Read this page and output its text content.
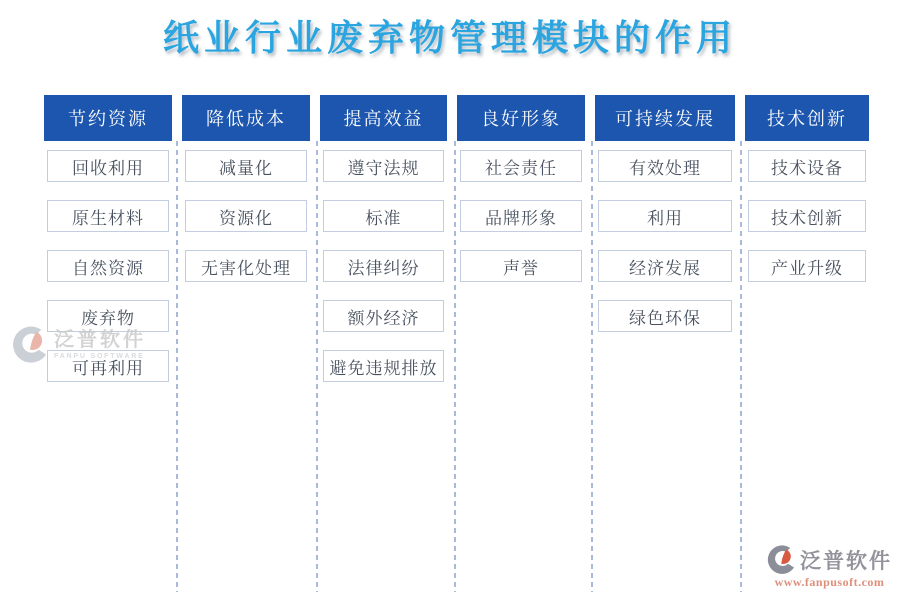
纸业行业废弃物管理模块的作用
节约资源
回收利用
原生材料
自然资源
废弃物
可再利用
降低成本
减量化
资源化
无害化处理
提高效益
遵守法规
标准
法律纠纷
额外经济
避免违规排放
良好形象
社会责任
品牌形象
声誉
可持续发展
有效处理
利用
经济发展
绿色环保
技术创新
技术设备
技术创新
产业升级
泛普软件
FANPU SOFTWARE
泛普软件
www.fanpusoft.com
